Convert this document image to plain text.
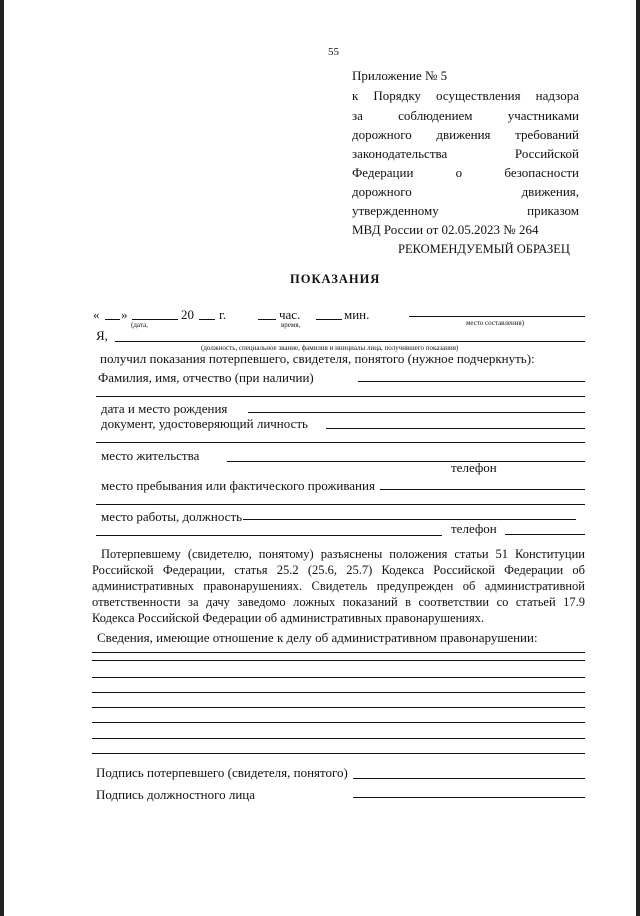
55
Приложение № 5
к Порядку осуществления надзора
за соблюдением участниками
дорожного движения требований
законодательства Российской
Федерации о безопасности
дорожного движения,
утвержденному приказом
МВД России от 02.05.2023 № 264
РЕКОМЕНДУЕМЫЙ ОБРАЗЕЦ
ПОКАЗАНИЯ
« »	20 г.	час.	мин.
(дата,	время,	место составления)
Я,
(должность, специальное звание, фамилия и инициалы лица, получившего показания)
получил показания потерпевшего, свидетеля, понятого (нужное подчеркнуть):
Фамилия, имя, отчество (при наличии)
дата и место рождения
документ, удостоверяющий личность
место жительства
телефон
место пребывания или фактического проживания
место работы, должность
телефон
Потерпевшему (свидетелю, понятому) разъяснены положения статьи 51 Конституции
Российской Федерации, статья 25.2 (25.6, 25.7) Кодекса Российской Федерации об
административных правонарушениях. Свидетель предупрежден об административной
ответственности за дачу заведомо ложных показаний в соответствии со статьей 17.9
Кодекса Российской Федерации об административных правонарушениях.
Сведения, имеющие отношение к делу об административном правонарушении:
Подпись потерпевшего (свидетеля, понятого)
Подпись должностного лица
